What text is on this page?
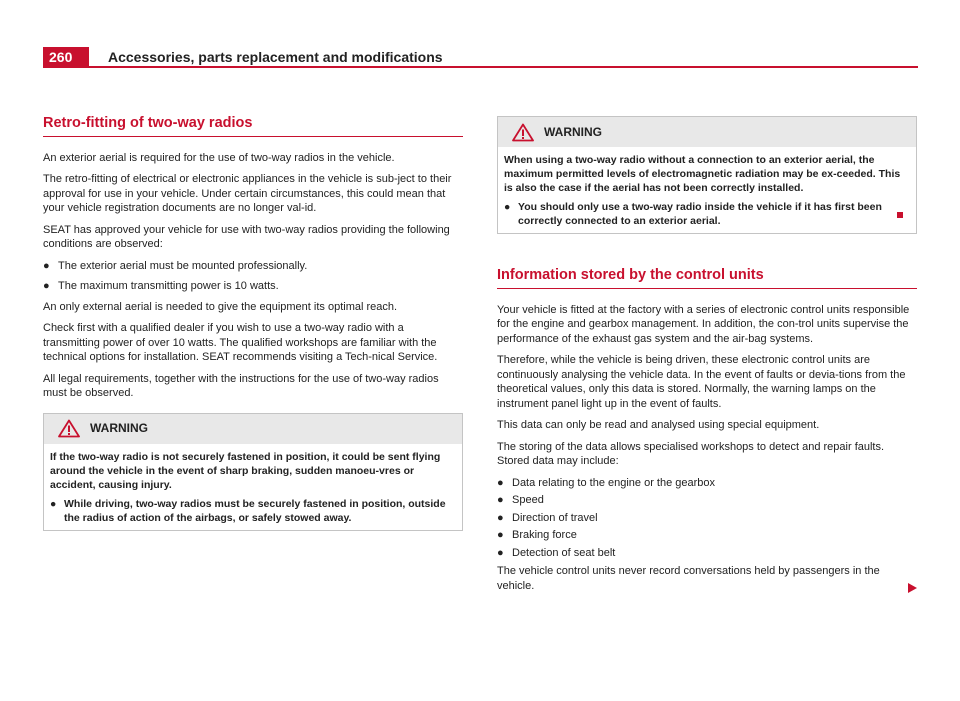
260	Accessories, parts replacement and modifications
Retro-fitting of two-way radios

An exterior aerial is required for the use of two-way radios in the vehicle.

The retro-fitting of electrical or electronic appliances in the vehicle is sub-ject to their approval for use in your vehicle. Under certain circumstances, this could mean that your vehicle registration documents are no longer val-id.

SEAT has approved your vehicle for use with two-way radios providing the following conditions are observed:

● The exterior aerial must be mounted professionally.
● The maximum transmitting power is 10 watts.

An only external aerial is needed to give the equipment its optimal reach.

Check first with a qualified dealer if you wish to use a two-way radio with a transmitting power of over 10 watts. The qualified workshops are familiar with the technical options for installation. SEAT recommends visiting a Tech-nical Service.

All legal requirements, together with the instructions for the use of two-way radios must be observed.

WARNING

If the two-way radio is not securely fastened in position, it could be sent flying around the vehicle in the event of sharp braking, sudden manoeu-vres or accident, causing injury.

● While driving, two-way radios must be securely fastened in position, outside the radius of action of the airbags, or safely stowed away.
WARNING

When using a two-way radio without a connection to an exterior aerial, the maximum permitted levels of electromagnetic radiation may be ex-ceeded. This is also the case if the aerial has not been correctly installed.

● You should only use a two-way radio inside the vehicle if it has first been correctly connected to an exterior aerial.
Information stored by the control units

Your vehicle is fitted at the factory with a series of electronic control units responsible for the engine and gearbox management. In addition, the con-trol units supervise the performance of the exhaust gas system and the air-bag systems.

Therefore, while the vehicle is being driven, these electronic control units are continuously analysing the vehicle data. In the event of faults or devia-tions from the theoretical values, only this data is stored. Normally, the warning lamps on the instrument panel light up in the event of faults.

This data can only be read and analysed using special equipment.

The storing of the data allows specialised workshops to detect and repair faults. Stored data may include:

● Data relating to the engine or the gearbox
● Speed
● Direction of travel
● Braking force
● Detection of seat belt

The vehicle control units never record conversations held by passengers in the vehicle.
